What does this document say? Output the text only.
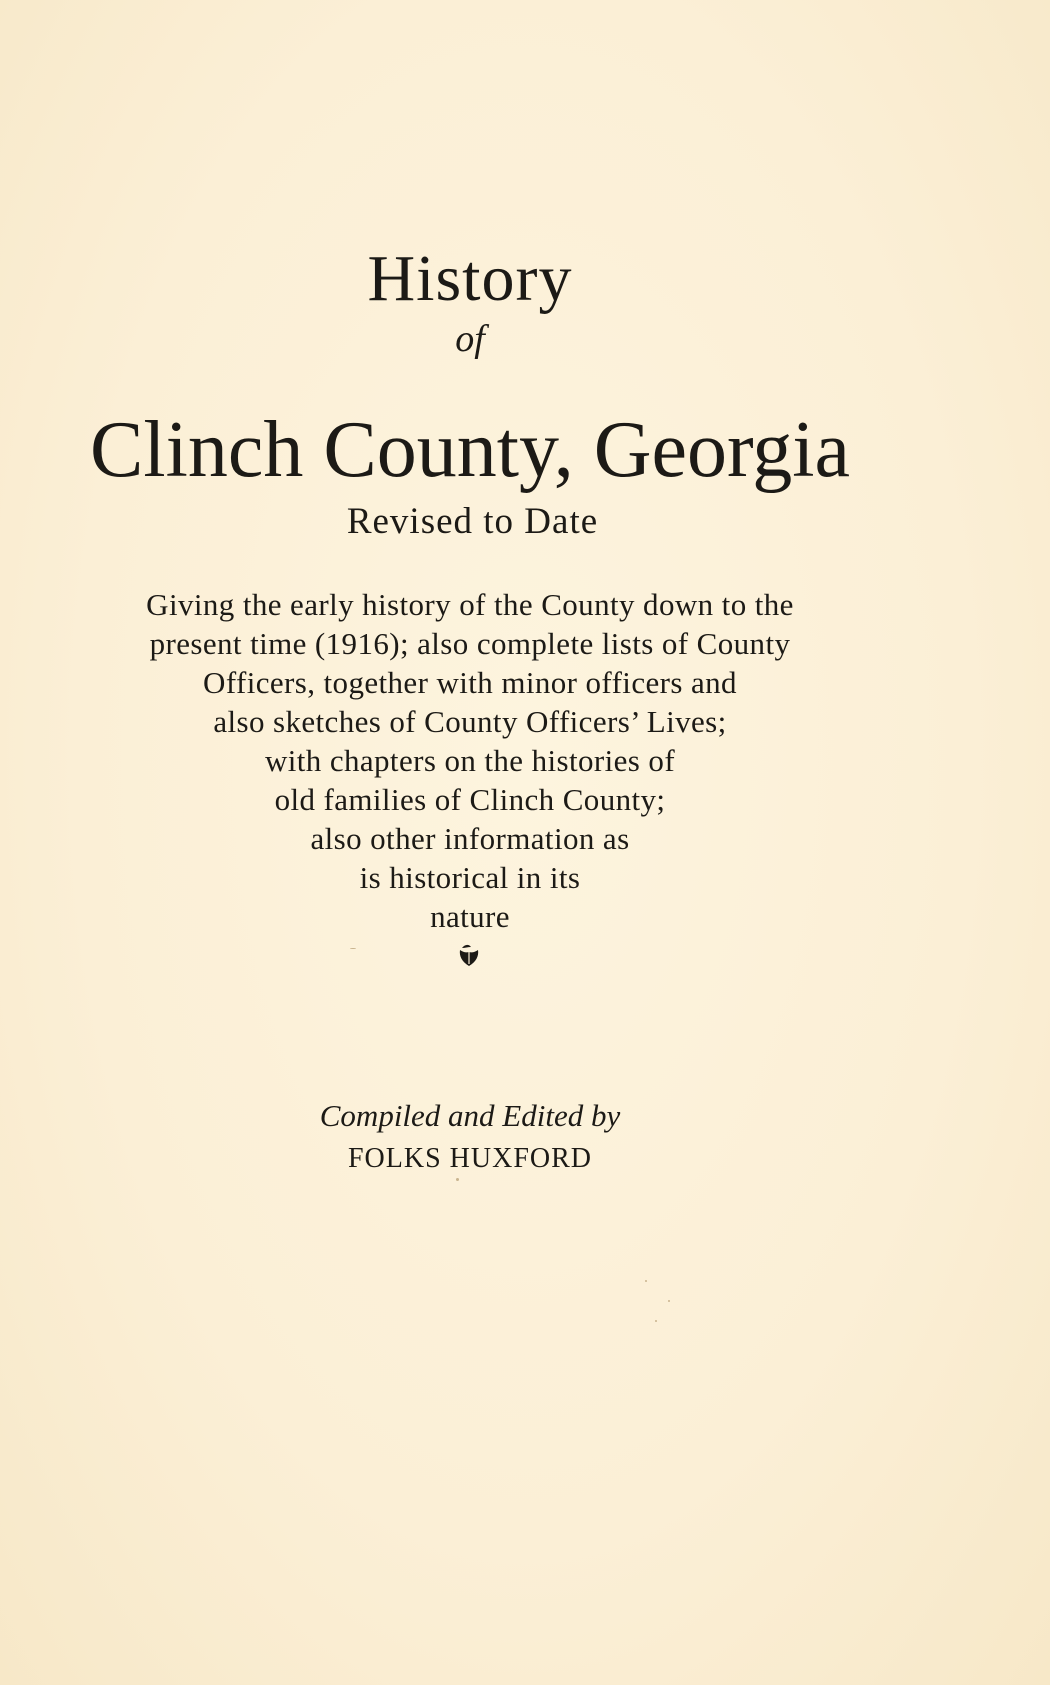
History
of
Clinch County, Georgia
Revised to Date
Giving the early history of the County down to the
present time (1916); also complete lists of County
Officers, together with minor officers and
also sketches of County Officers’ Lives;
with chapters on the histories of
old families of Clinch County;
also other information as
is historical in its
nature
Compiled and Edited by
FOLKS HUXFORD
